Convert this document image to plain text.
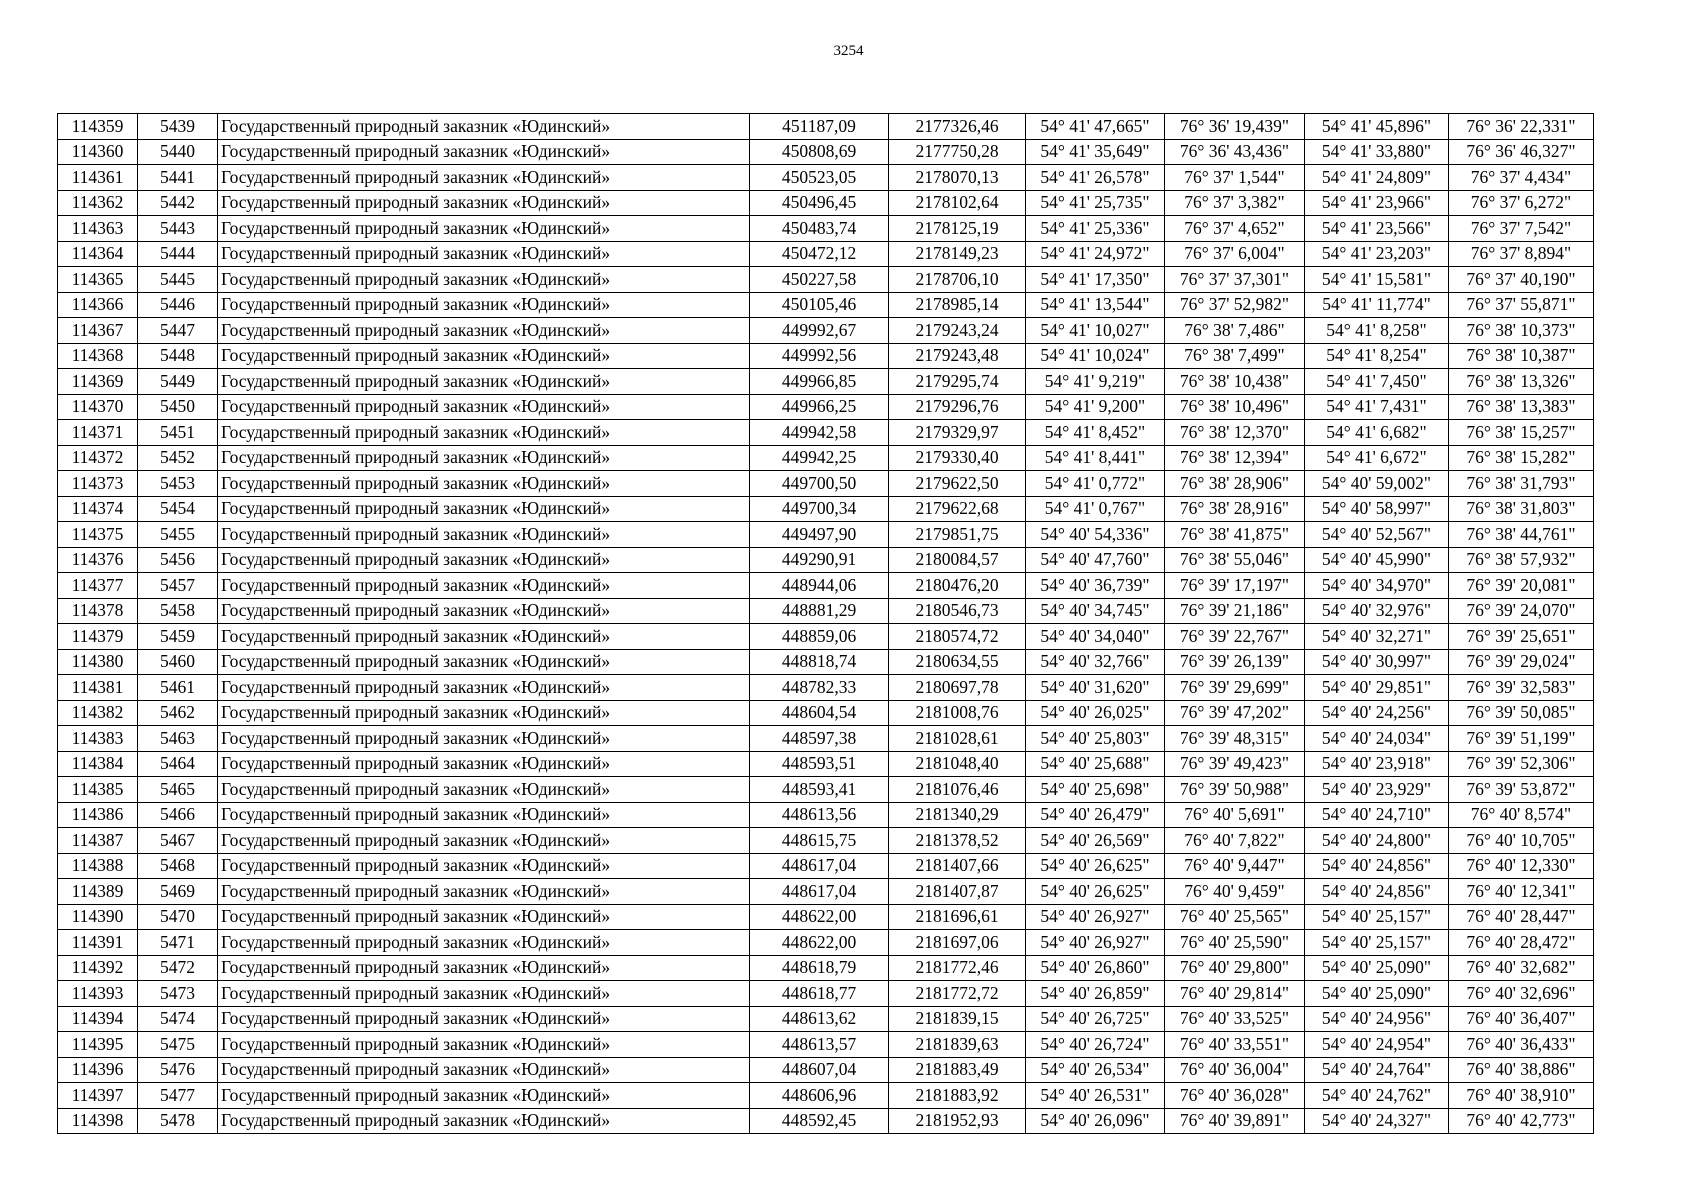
3254
114359	5439	Государственный природный заказник «Юдинский»	451187,09	2177326,46	54° 41' 47,665"	76° 36' 19,439"	54° 41' 45,896"	76° 36' 22,331"
114360	5440	Государственный природный заказник «Юдинский»	450808,69	2177750,28	54° 41' 35,649"	76° 36' 43,436"	54° 41' 33,880"	76° 36' 46,327"
114361	5441	Государственный природный заказник «Юдинский»	450523,05	2178070,13	54° 41' 26,578"	76° 37' 1,544"	54° 41' 24,809"	76° 37' 4,434"
114362	5442	Государственный природный заказник «Юдинский»	450496,45	2178102,64	54° 41' 25,735"	76° 37' 3,382"	54° 41' 23,966"	76° 37' 6,272"
114363	5443	Государственный природный заказник «Юдинский»	450483,74	2178125,19	54° 41' 25,336"	76° 37' 4,652"	54° 41' 23,566"	76° 37' 7,542"
114364	5444	Государственный природный заказник «Юдинский»	450472,12	2178149,23	54° 41' 24,972"	76° 37' 6,004"	54° 41' 23,203"	76° 37' 8,894"
114365	5445	Государственный природный заказник «Юдинский»	450227,58	2178706,10	54° 41' 17,350"	76° 37' 37,301"	54° 41' 15,581"	76° 37' 40,190"
114366	5446	Государственный природный заказник «Юдинский»	450105,46	2178985,14	54° 41' 13,544"	76° 37' 52,982"	54° 41' 11,774"	76° 37' 55,871"
114367	5447	Государственный природный заказник «Юдинский»	449992,67	2179243,24	54° 41' 10,027"	76° 38' 7,486"	54° 41' 8,258"	76° 38' 10,373"
114368	5448	Государственный природный заказник «Юдинский»	449992,56	2179243,48	54° 41' 10,024"	76° 38' 7,499"	54° 41' 8,254"	76° 38' 10,387"
114369	5449	Государственный природный заказник «Юдинский»	449966,85	2179295,74	54° 41' 9,219"	76° 38' 10,438"	54° 41' 7,450"	76° 38' 13,326"
114370	5450	Государственный природный заказник «Юдинский»	449966,25	2179296,76	54° 41' 9,200"	76° 38' 10,496"	54° 41' 7,431"	76° 38' 13,383"
114371	5451	Государственный природный заказник «Юдинский»	449942,58	2179329,97	54° 41' 8,452"	76° 38' 12,370"	54° 41' 6,682"	76° 38' 15,257"
114372	5452	Государственный природный заказник «Юдинский»	449942,25	2179330,40	54° 41' 8,441"	76° 38' 12,394"	54° 41' 6,672"	76° 38' 15,282"
114373	5453	Государственный природный заказник «Юдинский»	449700,50	2179622,50	54° 41' 0,772"	76° 38' 28,906"	54° 40' 59,002"	76° 38' 31,793"
114374	5454	Государственный природный заказник «Юдинский»	449700,34	2179622,68	54° 41' 0,767"	76° 38' 28,916"	54° 40' 58,997"	76° 38' 31,803"
114375	5455	Государственный природный заказник «Юдинский»	449497,90	2179851,75	54° 40' 54,336"	76° 38' 41,875"	54° 40' 52,567"	76° 38' 44,761"
114376	5456	Государственный природный заказник «Юдинский»	449290,91	2180084,57	54° 40' 47,760"	76° 38' 55,046"	54° 40' 45,990"	76° 38' 57,932"
114377	5457	Государственный природный заказник «Юдинский»	448944,06	2180476,20	54° 40' 36,739"	76° 39' 17,197"	54° 40' 34,970"	76° 39' 20,081"
114378	5458	Государственный природный заказник «Юдинский»	448881,29	2180546,73	54° 40' 34,745"	76° 39' 21,186"	54° 40' 32,976"	76° 39' 24,070"
114379	5459	Государственный природный заказник «Юдинский»	448859,06	2180574,72	54° 40' 34,040"	76° 39' 22,767"	54° 40' 32,271"	76° 39' 25,651"
114380	5460	Государственный природный заказник «Юдинский»	448818,74	2180634,55	54° 40' 32,766"	76° 39' 26,139"	54° 40' 30,997"	76° 39' 29,024"
114381	5461	Государственный природный заказник «Юдинский»	448782,33	2180697,78	54° 40' 31,620"	76° 39' 29,699"	54° 40' 29,851"	76° 39' 32,583"
114382	5462	Государственный природный заказник «Юдинский»	448604,54	2181008,76	54° 40' 26,025"	76° 39' 47,202"	54° 40' 24,256"	76° 39' 50,085"
114383	5463	Государственный природный заказник «Юдинский»	448597,38	2181028,61	54° 40' 25,803"	76° 39' 48,315"	54° 40' 24,034"	76° 39' 51,199"
114384	5464	Государственный природный заказник «Юдинский»	448593,51	2181048,40	54° 40' 25,688"	76° 39' 49,423"	54° 40' 23,918"	76° 39' 52,306"
114385	5465	Государственный природный заказник «Юдинский»	448593,41	2181076,46	54° 40' 25,698"	76° 39' 50,988"	54° 40' 23,929"	76° 39' 53,872"
114386	5466	Государственный природный заказник «Юдинский»	448613,56	2181340,29	54° 40' 26,479"	76° 40' 5,691"	54° 40' 24,710"	76° 40' 8,574"
114387	5467	Государственный природный заказник «Юдинский»	448615,75	2181378,52	54° 40' 26,569"	76° 40' 7,822"	54° 40' 24,800"	76° 40' 10,705"
114388	5468	Государственный природный заказник «Юдинский»	448617,04	2181407,66	54° 40' 26,625"	76° 40' 9,447"	54° 40' 24,856"	76° 40' 12,330"
114389	5469	Государственный природный заказник «Юдинский»	448617,04	2181407,87	54° 40' 26,625"	76° 40' 9,459"	54° 40' 24,856"	76° 40' 12,341"
114390	5470	Государственный природный заказник «Юдинский»	448622,00	2181696,61	54° 40' 26,927"	76° 40' 25,565"	54° 40' 25,157"	76° 40' 28,447"
114391	5471	Государственный природный заказник «Юдинский»	448622,00	2181697,06	54° 40' 26,927"	76° 40' 25,590"	54° 40' 25,157"	76° 40' 28,472"
114392	5472	Государственный природный заказник «Юдинский»	448618,79	2181772,46	54° 40' 26,860"	76° 40' 29,800"	54° 40' 25,090"	76° 40' 32,682"
114393	5473	Государственный природный заказник «Юдинский»	448618,77	2181772,72	54° 40' 26,859"	76° 40' 29,814"	54° 40' 25,090"	76° 40' 32,696"
114394	5474	Государственный природный заказник «Юдинский»	448613,62	2181839,15	54° 40' 26,725"	76° 40' 33,525"	54° 40' 24,956"	76° 40' 36,407"
114395	5475	Государственный природный заказник «Юдинский»	448613,57	2181839,63	54° 40' 26,724"	76° 40' 33,551"	54° 40' 24,954"	76° 40' 36,433"
114396	5476	Государственный природный заказник «Юдинский»	448607,04	2181883,49	54° 40' 26,534"	76° 40' 36,004"	54° 40' 24,764"	76° 40' 38,886"
114397	5477	Государственный природный заказник «Юдинский»	448606,96	2181883,92	54° 40' 26,531"	76° 40' 36,028"	54° 40' 24,762"	76° 40' 38,910"
114398	5478	Государственный природный заказник «Юдинский»	448592,45	2181952,93	54° 40' 26,096"	76° 40' 39,891"	54° 40' 24,327"	76° 40' 42,773"
